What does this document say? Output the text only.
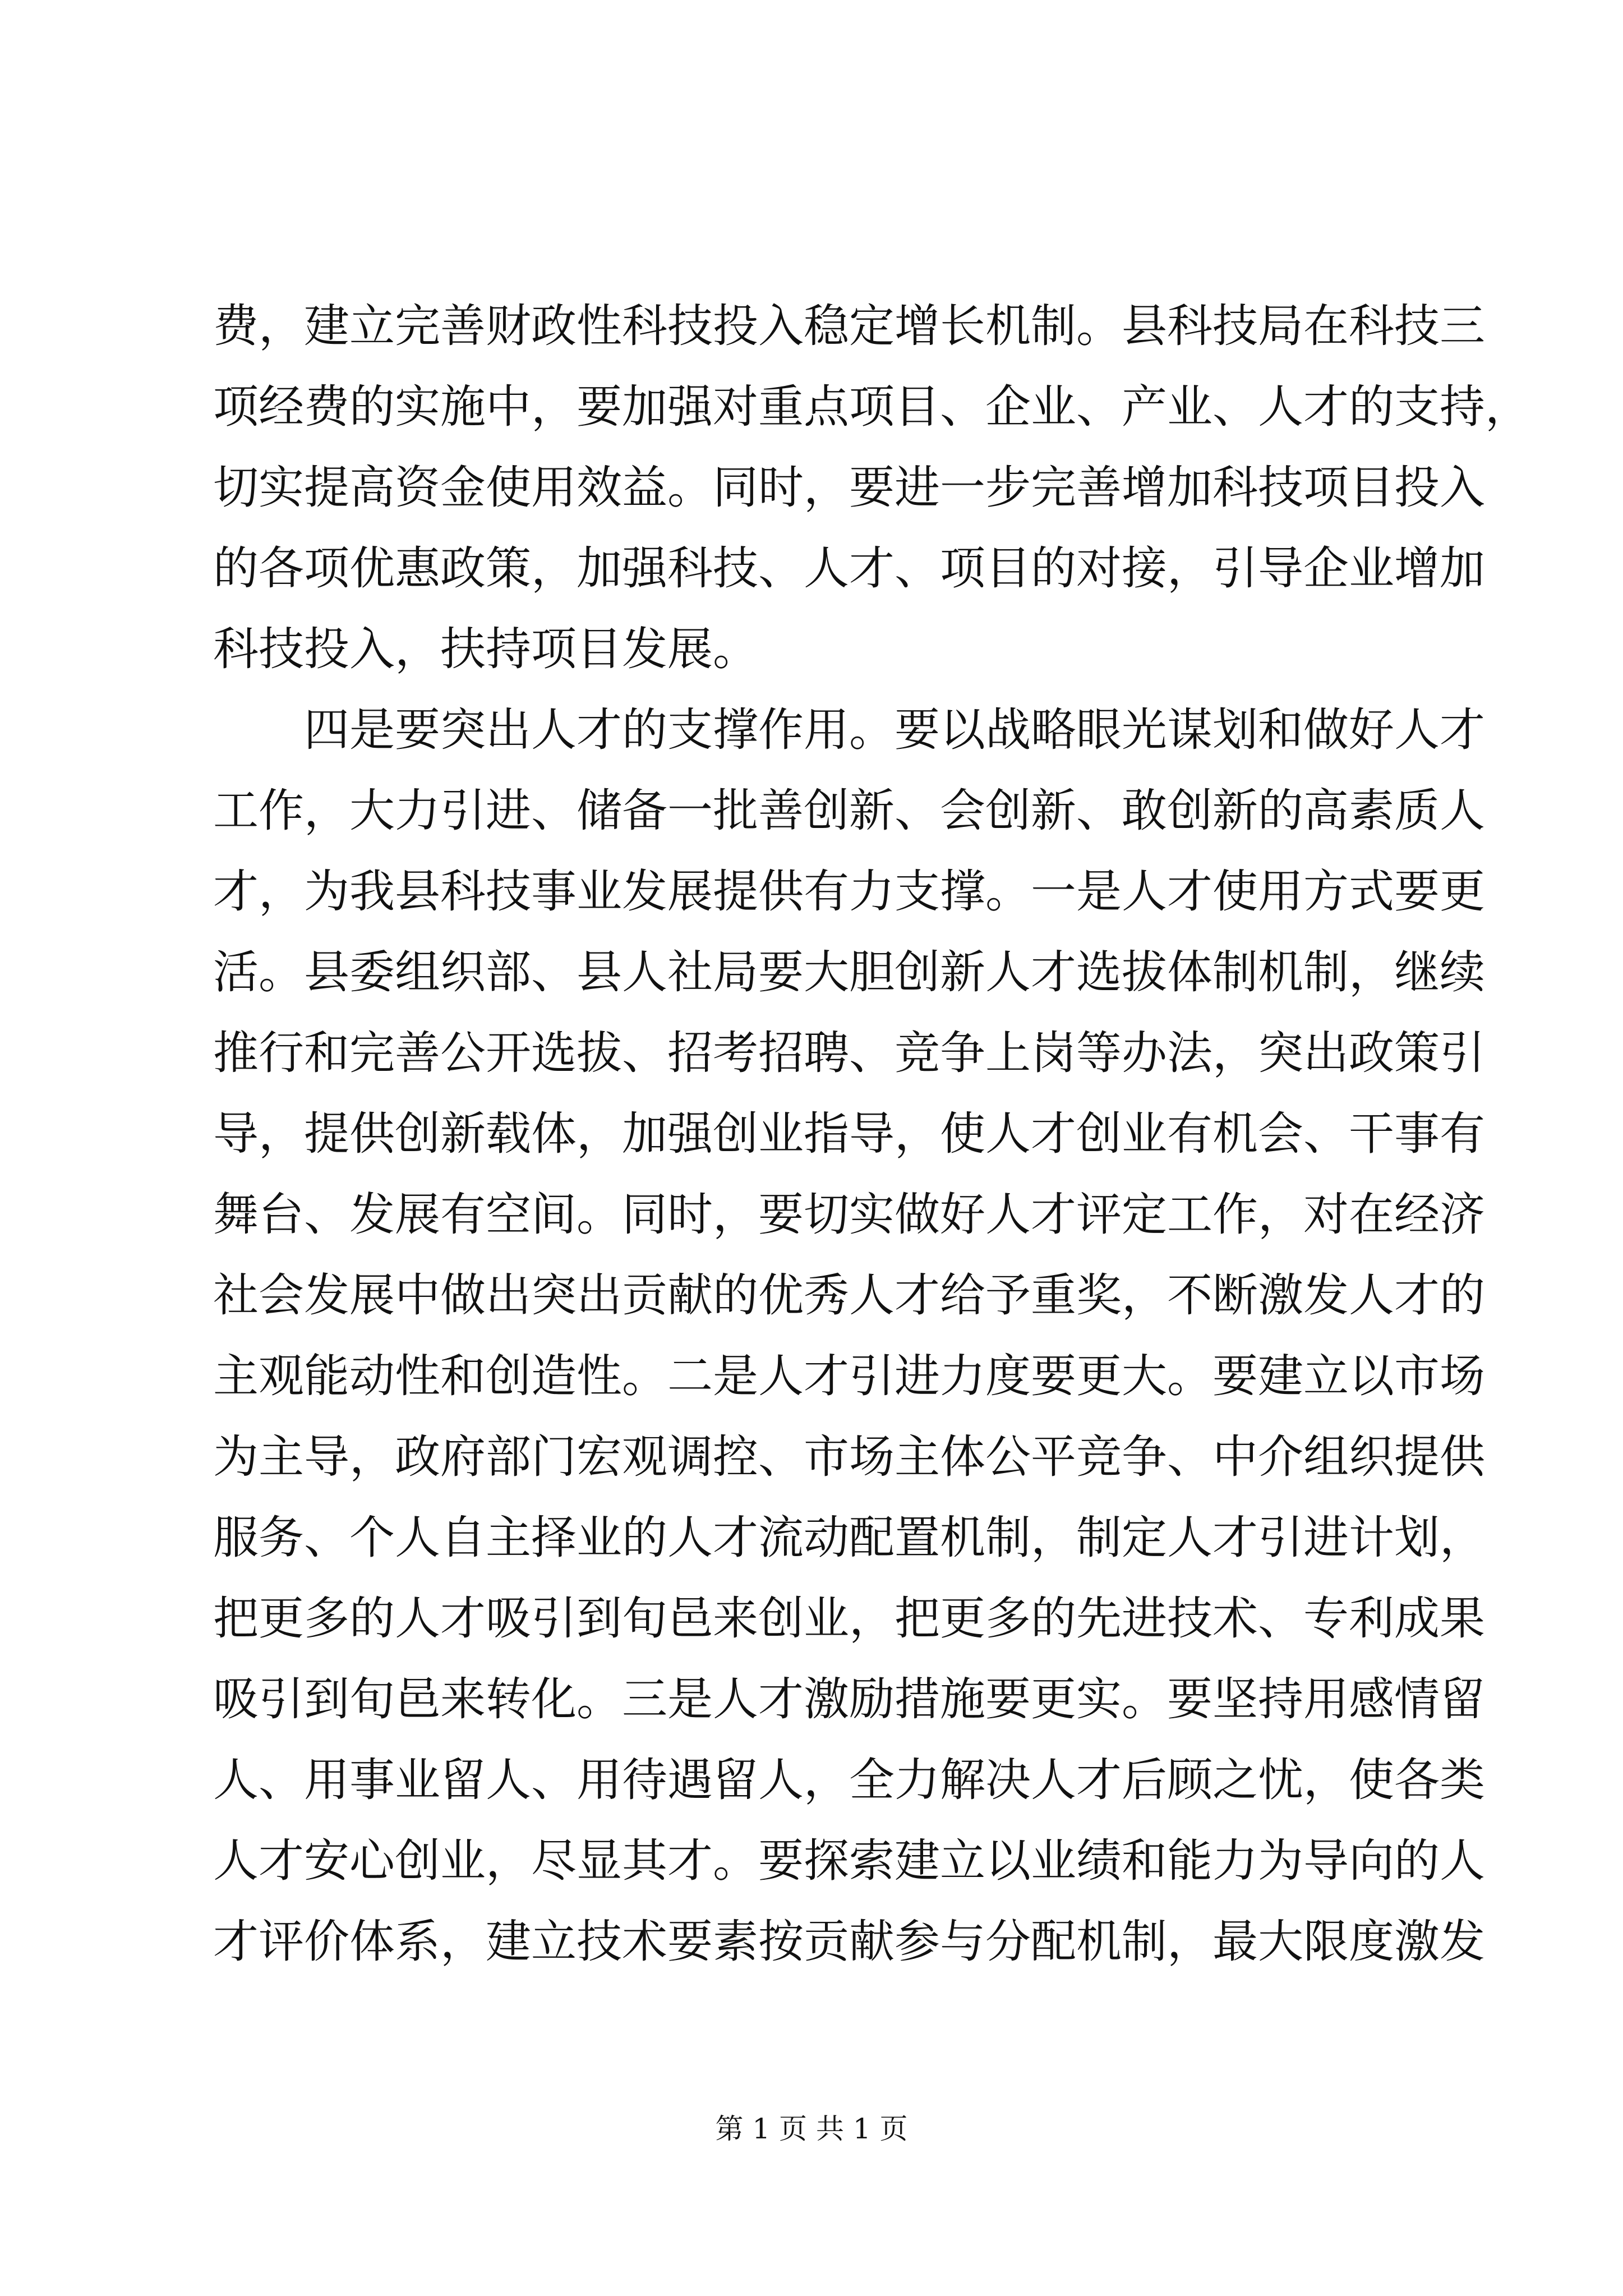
费，建立完善财政性科技投入稳定增长机制。县科技局在科技三
项经费的实施中，要加强对重点项目、企业、产业、人才的支持，
切实提高资金使用效益。同时，要进一步完善增加科技项目投入
的各项优惠政策，加强科技、人才、项目的对接，引导企业增加
科技投入，扶持项目发展。
四是要突出人才的支撑作用。要以战略眼光谋划和做好人才
工作，大力引进、储备一批善创新、会创新、敢创新的高素质人
才，为我县科技事业发展提供有力支撑。一是人才使用方式要更
活。县委组织部、县人社局要大胆创新人才选拔体制机制，继续
推行和完善公开选拔、招考招聘、竞争上岗等办法，突出政策引
导，提供创新载体，加强创业指导，使人才创业有机会、干事有
舞台、发展有空间。同时，要切实做好人才评定工作，对在经济
社会发展中做出突出贡献的优秀人才给予重奖，不断激发人才的
主观能动性和创造性。二是人才引进力度要更大。要建立以市场
为主导，政府部门宏观调控、市场主体公平竞争、中介组织提供
服务、个人自主择业的人才流动配置机制，制定人才引进计划，
把更多的人才吸引到旬邑来创业，把更多的先进技术、专利成果
吸引到旬邑来转化。三是人才激励措施要更实。要坚持用感情留
人、用事业留人、用待遇留人，全力解决人才后顾之忧，使各类
人才安心创业，尽显其才。要探索建立以业绩和能力为导向的人
才评价体系，建立技术要素按贡献参与分配机制，最大限度激发
第 1 页 共 1 页
